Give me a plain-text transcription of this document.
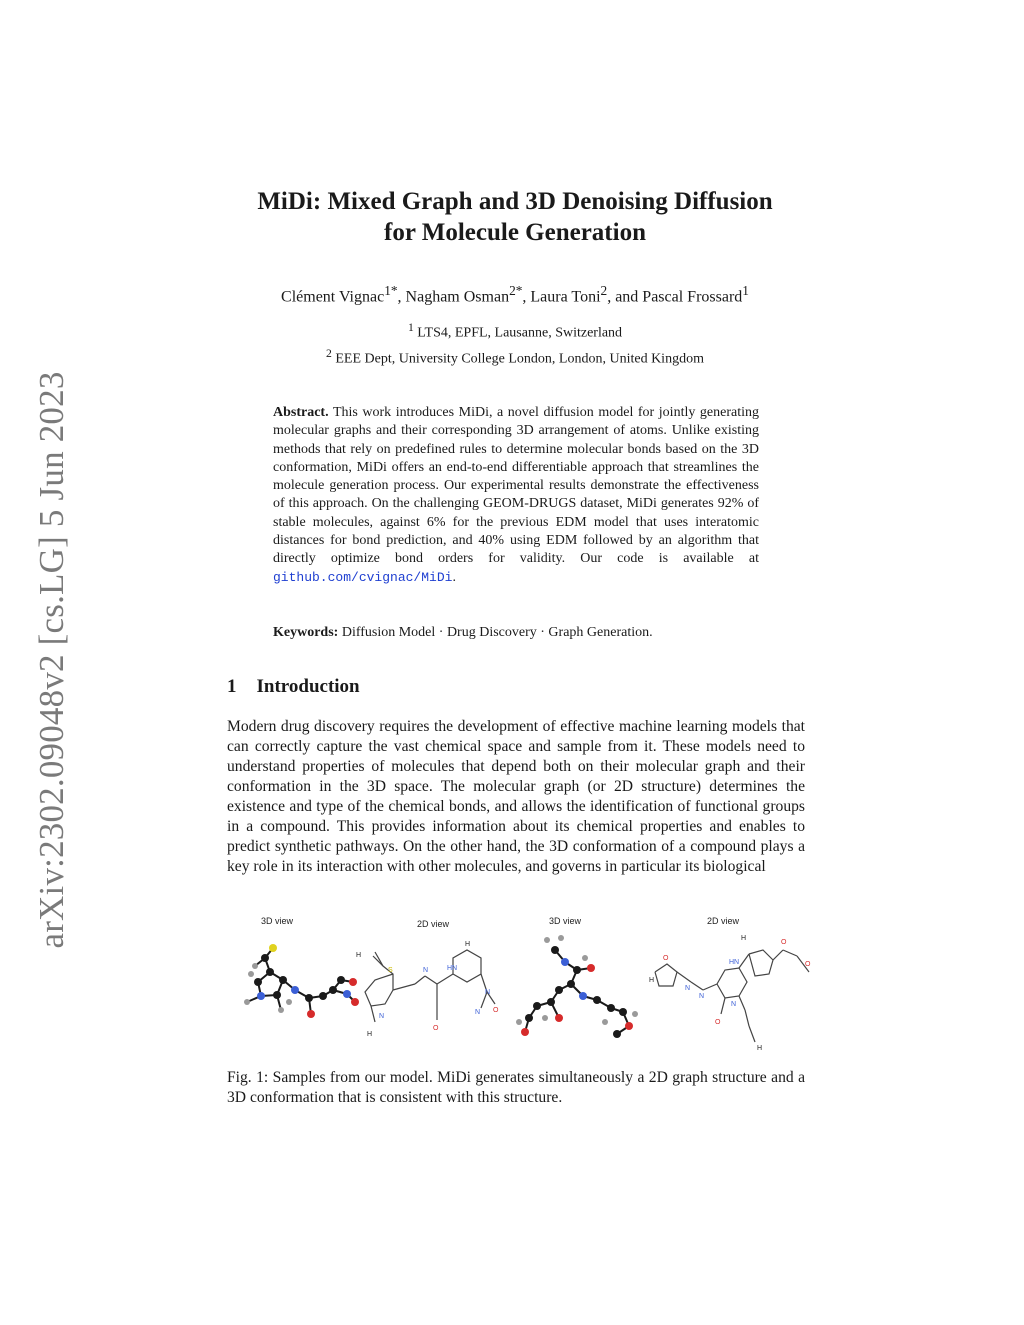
arXiv:2302.09048v2 [cs.LG] 5 Jun 2023
MiDi: Mixed Graph and 3D Denoising Diffusion
for Molecule Generation
Clément Vignac$^{1*}$, Nagham Osman$^{2*}$, Laura Toni$^2$, and Pascal Frossard$^1$
$^1$ LTS4, EPFL, Lausanne, Switzerland
$^2$ EEE Dept, University College London, London, United Kingdom
Abstract. This work introduces MiDi, a novel diffusion model for jointly generating molecular graphs and their corresponding 3D arrangement of atoms. Unlike existing methods that rely on predefined rules to determine molecular bonds based on the 3D conformation, MiDi offers an end-to-end differentiable approach that streamlines the molecule generation process. Our experimental results demonstrate the effectiveness of this approach. On the challenging GEOM-DRUGS dataset, MiDi generates 92% of stable molecules, against 6% for the previous EDM model that uses interatomic distances for bond prediction, and 40% using EDM followed by an algorithm that directly optimize bond orders for validity. Our code is available at github.com/cvignac/MiDi.
Keywords: Diffusion Model · Drug Discovery · Graph Generation.
1 Introduction
Modern drug discovery requires the development of effective machine learning models that can correctly capture the vast chemical space and sample from it. These models need to understand properties of molecules that depend both on their molecular graph and their conformation in the 3D space. The molecular graph (or 2D structure) determines the existence and type of the chemical bonds, and allows the identification of functional groups in a compound. This provides information about its chemical properties and enables to predict synthetic pathways. On the other hand, the 3D conformation of a compound plays a key role in its interaction with other molecules, and governs in particular its biological
3D view	2D view	3D view	2D view
H
S
N
N
O
HN
N
O
N
H
H
O
N
N
HN
N
O
O
O
H
H
H
Fig. 1: Samples from our model. MiDi generates simultaneously a 2D graph structure and a 3D conformation that is consistent with this structure.
